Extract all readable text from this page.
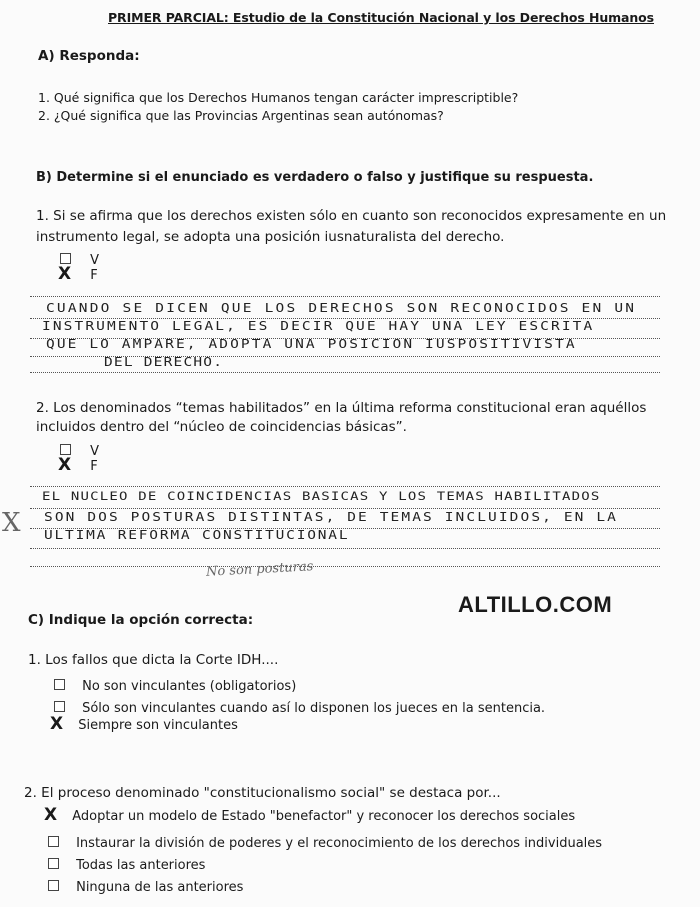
PRIMER PARCIAL: Estudio de la Constitución Nacional y los Derechos Humanos
A) Responda:
1. Qué significa que los Derechos Humanos tengan carácter imprescriptible?
2. ¿Qué significa que las Provincias Argentinas sean autónomas?
B) Determine si el enunciado es verdadero o falso y justifique su respuesta.
1. Si se afirma que los derechos existen sólo en cuanto son reconocidos expresamente en un
instrumento legal, se adopta una posición iusnaturalista del derecho.
V
X F
CUANDO SE DICEN QUE LOS DERECHOS SON RECONOCIDOS EN UN
INSTRUMENTO LEGAL, ES DECIR QUE HAY UNA LEY ESCRITA
QUE LO AMPARE, ADOPTA UNA POSICION IUSPOSITIVISTA
DEL DERECHO.
2. Los denominados “temas habilitados” en la última reforma constitucional eran aquéllos
incluidos dentro del “núcleo de coincidencias básicas”.
V
X F
EL NUCLEO DE COINCIDENCIAS BASICAS Y LOS TEMAS HABILITADOS
SON DOS POSTURAS DISTINTAS, DE TEMAS INCLUIDOS, EN LA
ULTIMA REFORMA CONSTITUCIONAL
X
No son posturas
ALTILLO.COM
C) Indique la opción correcta:
1. Los fallos que dicta la Corte IDH....
No son vinculantes (obligatorios)
Sólo son vinculantes cuando así lo disponen los jueces en la sentencia.
X Siempre son vinculantes
2. El proceso denominado "constitucionalismo social" se destaca por...
X Adoptar un modelo de Estado "benefactor" y reconocer los derechos sociales
Instaurar la división de poderes y el reconocimiento de los derechos individuales
Todas las anteriores
Ninguna de las anteriores
